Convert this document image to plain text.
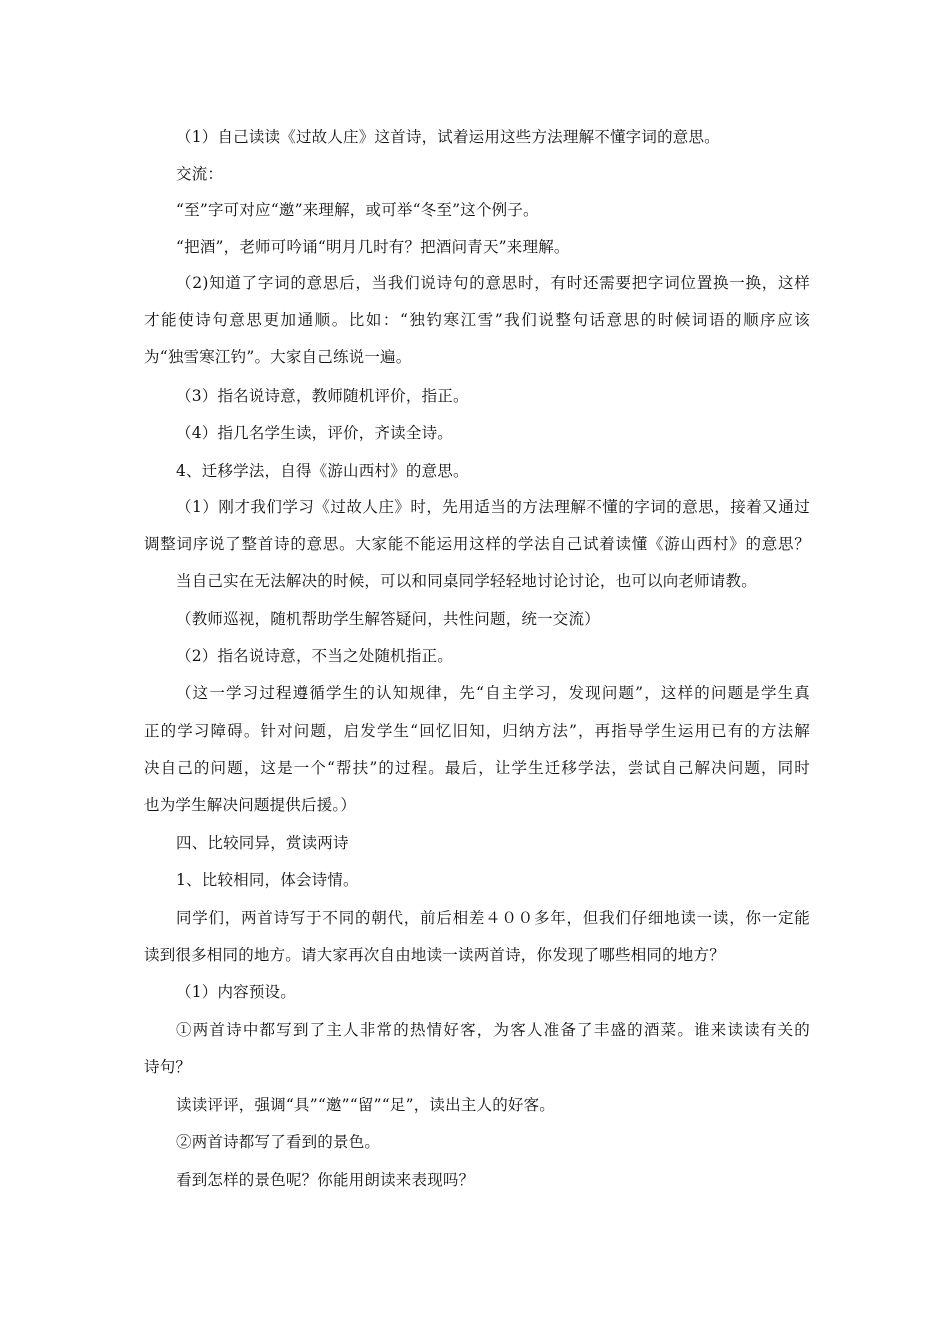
（1）自己读读《过故人庄》这首诗，试着运用这些方法理解不懂字词的意思。
交流：
“至”字可对应“邀”来理解，或可举“冬至”这个例子。
“把酒”，老师可吟诵“明月几时有？把酒问青天”来理解。
（2)知道了字词的意思后，当我们说诗句的意思时，有时还需要把字词位置换一换，这样
才能使诗句意思更加通顺。比如：“独钓寒江雪”我们说整句话意思的时候词语的顺序应该
为“独雪寒江钓”。大家自己练说一遍。
（3）指名说诗意，教师随机评价，指正。
（4）指几名学生读，评价，齐读全诗。
4、迁移学法，自得《游山西村》的意思。
（1）刚才我们学习《过故人庄》时，先用适当的方法理解不懂的字词的意思，接着又通过
调整词序说了整首诗的意思。大家能不能运用这样的学法自己试着读懂《游山西村》的意思？
当自己实在无法解决的时候，可以和同桌同学轻轻地讨论讨论，也可以向老师请教。
（教师巡视，随机帮助学生解答疑问，共性问题，统一交流）
（2）指名说诗意，不当之处随机指正。
（这一学习过程遵循学生的认知规律，先“自主学习，发现问题”，这样的问题是学生真
正的学习障碍。针对问题，启发学生“回忆旧知，归纳方法”，再指导学生运用已有的方法解
决自己的问题，这是一个“帮扶”的过程。最后，让学生迁移学法，尝试自己解决问题，同时
也为学生解决问题提供后援。）
四、比较同异，赏读两诗
1、比较相同，体会诗情。
同学们，两首诗写于不同的朝代，前后相差４００多年，但我们仔细地读一读，你一定能
读到很多相同的地方。请大家再次自由地读一读两首诗，你发现了哪些相同的地方？
（1）内容预设。
①两首诗中都写到了主人非常的热情好客，为客人准备了丰盛的酒菜。谁来读读有关的
诗句？
读读评评，强调“具”“邀”“留”“足”，读出主人的好客。
②两首诗都写了看到的景色。
看到怎样的景色呢？你能用朗读来表现吗？
